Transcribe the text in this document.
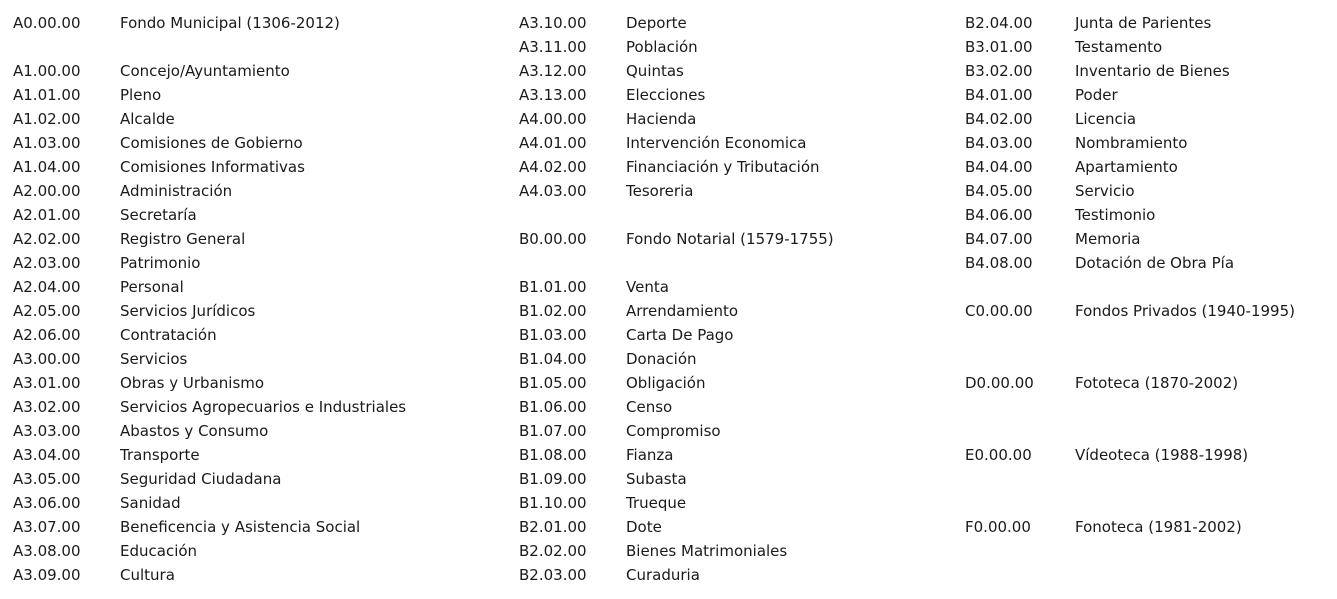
A0.00.00	Fondo Municipal (1306-2012)
A1.00.00	Concejo/Ayuntamiento
A1.01.00	Pleno
A1.02.00	Alcalde
A1.03.00	Comisiones de Gobierno
A1.04.00	Comisiones Informativas
A2.00.00	Administración
A2.01.00	Secretaría
A2.02.00	Registro General
A2.03.00	Patrimonio
A2.04.00	Personal
A2.05.00	Servicios Jurídicos
A2.06.00	Contratación
A3.00.00	Servicios
A3.01.00	Obras y Urbanismo
A3.02.00	Servicios Agropecuarios e Industriales
A3.03.00	Abastos y Consumo
A3.04.00	Transporte
A3.05.00	Seguridad Ciudadana
A3.06.00	Sanidad
A3.07.00	Beneficencia y Asistencia Social
A3.08.00	Educación
A3.09.00	Cultura
A3.10.00	Deporte
A3.11.00	Población
A3.12.00	Quintas
A3.13.00	Elecciones
A4.00.00	Hacienda
A4.01.00	Intervención Economica
A4.02.00	Financiación y Tributación
A4.03.00	Tesoreria
B0.00.00	Fondo Notarial (1579-1755)
B1.01.00	Venta
B1.02.00	Arrendamiento
B1.03.00	Carta De Pago
B1.04.00	Donación
B1.05.00	Obligación
B1.06.00	Censo
B1.07.00	Compromiso
B1.08.00	Fianza
B1.09.00	Subasta
B1.10.00	Trueque
B2.01.00	Dote
B2.02.00	Bienes Matrimoniales
B2.03.00	Curaduria
B2.04.00	Junta de Parientes
B3.01.00	Testamento
B3.02.00	Inventario de Bienes
B4.01.00	Poder
B4.02.00	Licencia
B4.03.00	Nombramiento
B4.04.00	Apartamiento
B4.05.00	Servicio
B4.06.00	Testimonio
B4.07.00	Memoria
B4.08.00	Dotación de Obra Pía
C0.00.00	Fondos Privados (1940-1995)
D0.00.00	Fototeca (1870-2002)
E0.00.00	Vídeoteca (1988-1998)
F0.00.00	Fonoteca (1981-2002)
